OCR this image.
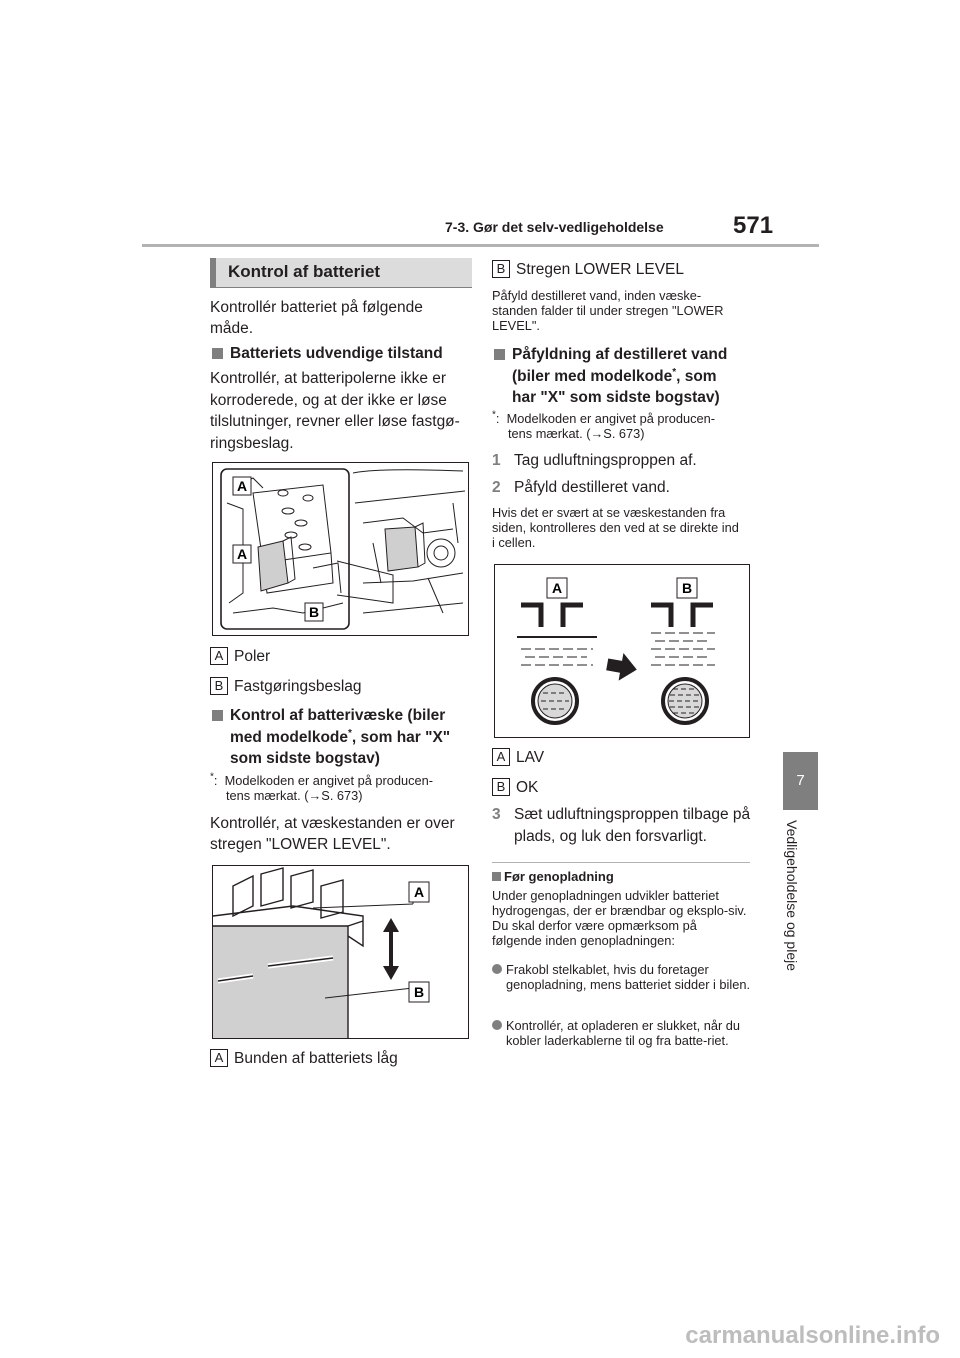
7-3. Gør det selv-vedligeholdelse	571
7
Vedligeholdelse og pleje
Kontrol af batteriet
Kontrollér batteriet på følgende måde.
Batteriets udvendige tilstand
Kontrollér, at batteripolerne ikke er korroderede, og at der ikke er løse tilslutninger, revner eller løse fastgø-ringsbeslag.
A
A
B
A Poler
B Fastgøringsbeslag
Kontrol af batterivæske (biler
med modelkode*, som har "X"
som sidste bogstav)
*: Modelkoden er angivet på producen-
tens mærkat. (→S. 673)
Kontrollér, at væskestanden er over stregen "LOWER LEVEL".
A
B
A Bunden af batteriets låg
B Stregen LOWER LEVEL
Påfyld destilleret vand, inden væske-standen falder til under stregen "LOWER LEVEL".
Påfyldning af destilleret vand
(biler med modelkode*, som
har "X" som sidste bogstav)
*: Modelkoden er angivet på producen-
tens mærkat. (→S. 673)
1 Tag udluftningsproppen af.
2 Påfyld destilleret vand.
Hvis det er svært at se væskestanden fra siden, kontrolleres den ved at se direkte ind i cellen.
A	B
A LAV
B OK
3 Sæt udluftningsproppen tilbage på plads, og luk den forsvarligt.
Før genopladning
Under genopladningen udvikler batteriet hydrogengas, der er brændbar og eksplo-siv. Du skal derfor være opmærksom på følgende inden genopladningen:
Frakobl stelkablet, hvis du foretager genopladning, mens batteriet sidder i bilen.
Kontrollér, at opladeren er slukket, når du kobler laderkablerne til og fra batte-riet.
carmanualsonline.info
